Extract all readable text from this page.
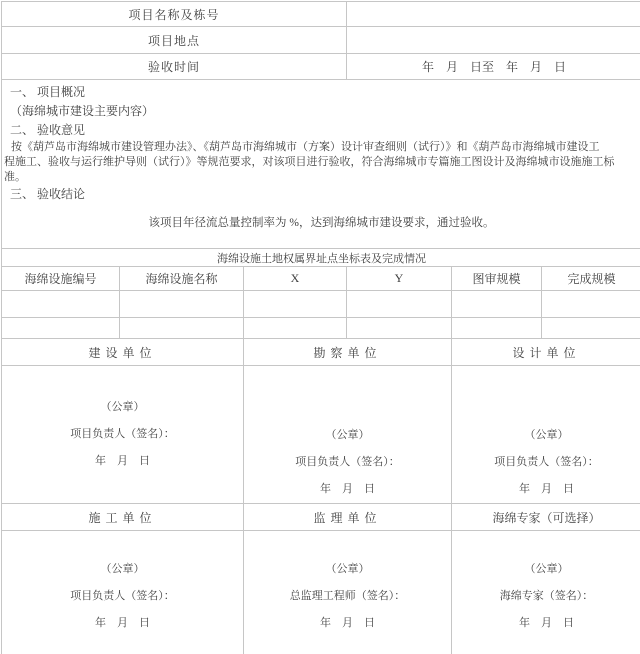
项目名称及栋号					
项目地点					
验收时间			年　月　日至　年　月　日		

一、 项目概况
（海绵城市建设主要内容）
二、 验收意见
按《葫芦岛市海绵城市建设管理办法》、《葫芦岛市海绵城市（方案）设计审查细则（试行）》和《葫芦岛市海绵城市建设工
程施工、验收与运行维护导则（试行）》等规范要求，对该项目进行验收，符合海绵城市专篇施工图设计及海绵城市设施施工标
准。
三、 验收结论
该项目年径流总量控制率为 %，达到海绵城市建设要求，通过验收。

海绵设施土地权属界址点坐标表及完成情况					
海绵设施编号	海绵设施名称	X	Y	图审规模	完成规模

建设单位		勘察单位		设计单位	

（公章）
项目负责人（签名）：
年　月　日

（公章）
项目负责人（签名）：
年　月　日

（公章）
项目负责人（签名）：
年　月　日

施工单位		监理单位		海绵专家（可选择）	

（公章）
项目负责人（签名）：
年　月　日

（公章）
总监理工程师（签名）：
年　月　日

（公章）
海绵专家（签名）：
年　月　日
